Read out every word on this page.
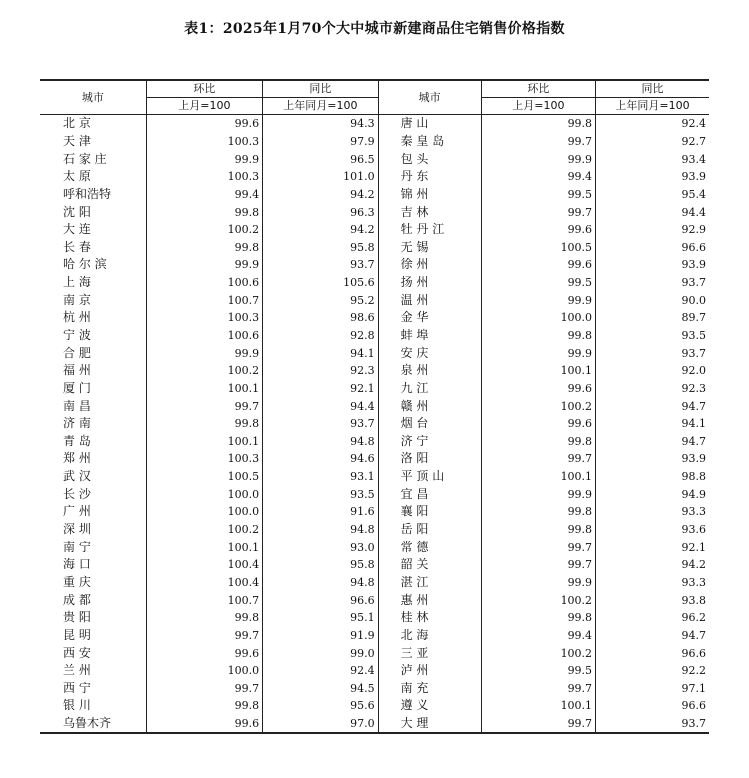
表1：2025年1月70个大中城市新建商品住宅销售价格指数
城市	环比	同比	城市	环比	同比
	上月=100	上年同月=100		上月=100	上年同月=100
北 京	99.6	94.3	唐 山	99.8	92.4
天 津	100.3	97.9	秦 皇 岛	99.7	92.7
石 家 庄	99.9	96.5	包 头	99.9	93.4
太 原	100.3	101.0	丹 东	99.4	93.9
呼和浩特	99.4	94.2	锦 州	99.5	95.4
沈 阳	99.8	96.3	吉 林	99.7	94.4
大 连	100.2	94.2	牡 丹 江	99.6	92.9
长 春	99.8	95.8	无 锡	100.5	96.6
哈 尔 滨	99.9	93.7	徐 州	99.6	93.9
上 海	100.6	105.6	扬 州	99.5	93.7
南 京	100.7	95.2	温 州	99.9	90.0
杭 州	100.3	98.6	金 华	100.0	89.7
宁 波	100.6	92.8	蚌 埠	99.8	93.5
合 肥	99.9	94.1	安 庆	99.9	93.7
福 州	100.2	92.3	泉 州	100.1	92.0
厦 门	100.1	92.1	九 江	99.6	92.3
南 昌	99.7	94.4	赣 州	100.2	94.7
济 南	99.8	93.7	烟 台	99.6	94.1
青 岛	100.1	94.8	济 宁	99.8	94.7
郑 州	100.3	94.6	洛 阳	99.7	93.9
武 汉	100.5	93.1	平 顶 山	100.1	98.8
长 沙	100.0	93.5	宜 昌	99.9	94.9
广 州	100.0	91.6	襄 阳	99.8	93.3
深 圳	100.2	94.8	岳 阳	99.8	93.6
南 宁	100.1	93.0	常 德	99.7	92.1
海 口	100.4	95.8	韶 关	99.7	94.2
重 庆	100.4	94.8	湛 江	99.9	93.3
成 都	100.7	96.6	惠 州	100.2	93.8
贵 阳	99.8	95.1	桂 林	99.8	96.2
昆 明	99.7	91.9	北 海	99.4	94.7
西 安	99.6	99.0	三 亚	100.2	96.6
兰 州	100.0	92.4	泸 州	99.5	92.2
西 宁	99.7	94.5	南 充	99.7	97.1
银 川	99.8	95.6	遵 义	100.1	96.6
乌鲁木齐	99.6	97.0	大 理	99.7	93.7
